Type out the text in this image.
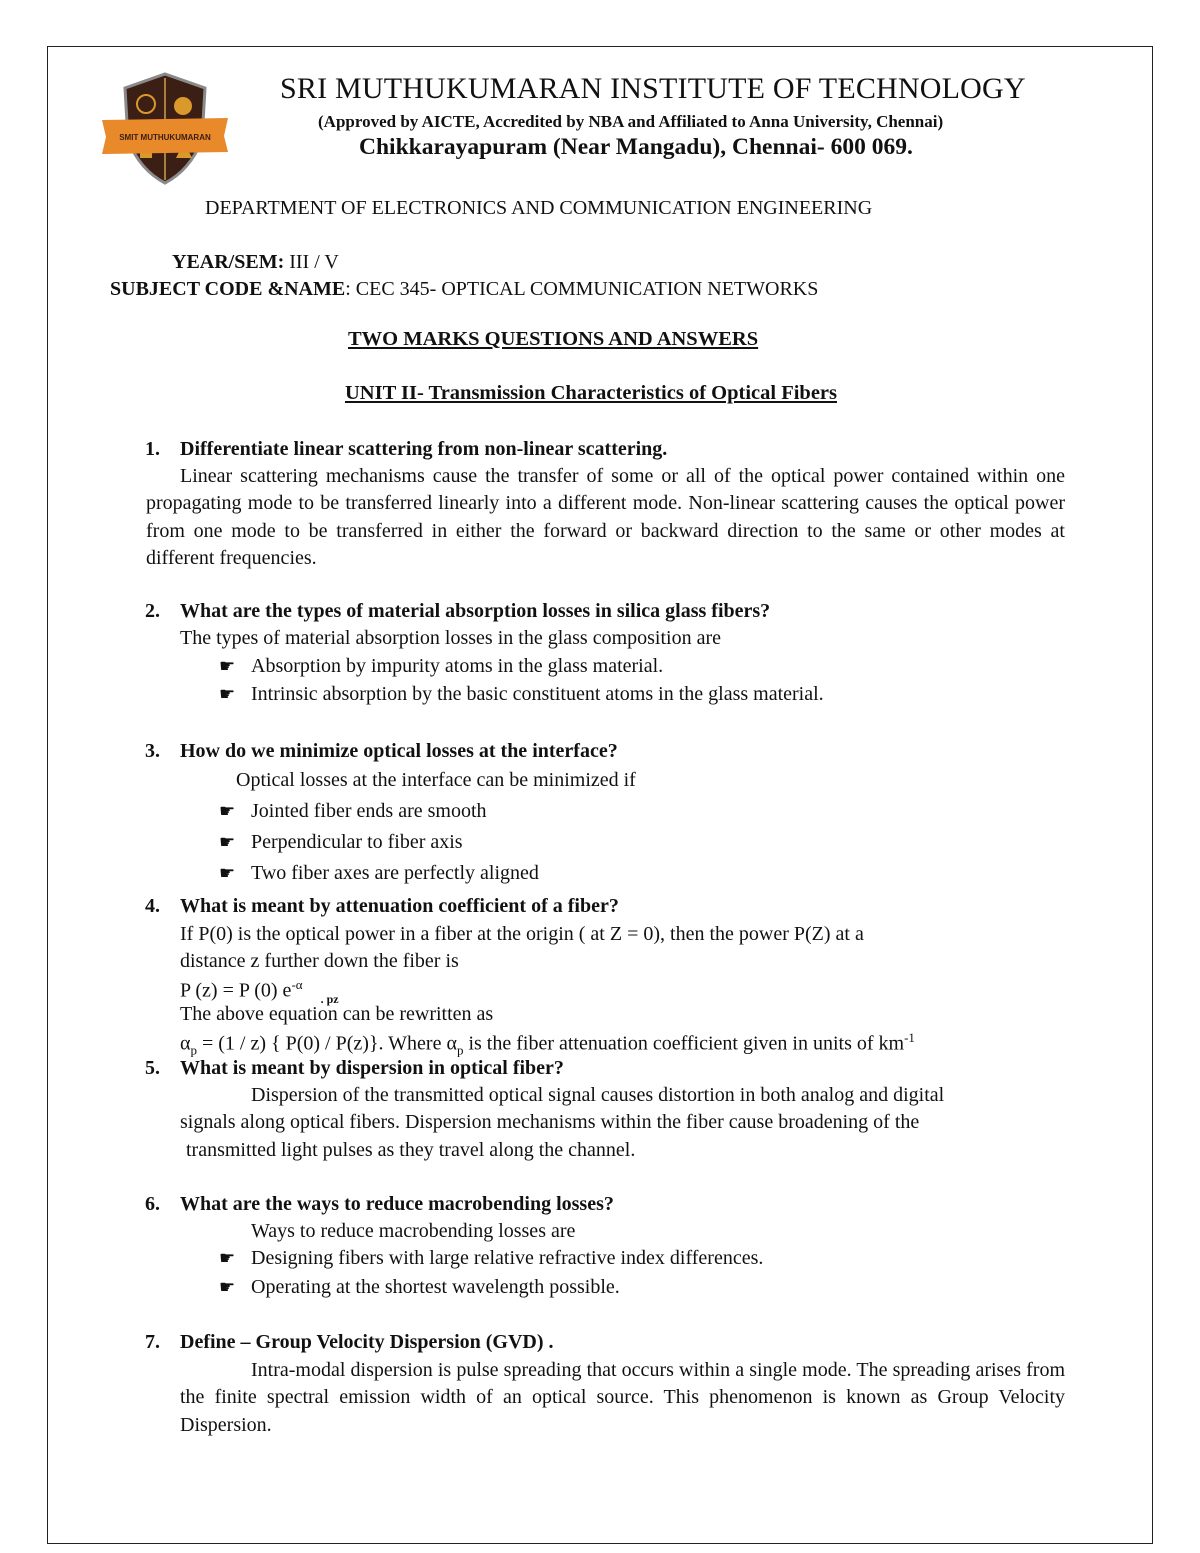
SMIT MUTHUKUMARAN
SRI MUTHUKUMARAN INSTITUTE OF TECHNOLOGY
(Approved by AICTE, Accredited by NBA and Affiliated to Anna University, Chennai)
Chikkarayapuram (Near Mangadu), Chennai- 600 069.
DEPARTMENT OF ELECTRONICS AND COMMUNICATION ENGINEERING
YEAR/SEM: III / V
SUBJECT CODE &NAME: CEC 345- OPTICAL COMMUNICATION NETWORKS
TWO MARKS QUESTIONS AND ANSWERS
UNIT II- Transmission Characteristics of Optical Fibers
1. Differentiate linear scattering from non-linear scattering.
Linear scattering mechanisms cause the transfer of some or all of the optical power contained within one propagating mode to be transferred linearly into a different mode. Non-linear scattering causes the optical power from one mode to be transferred in either the forward or backward direction to the same or other modes at different frequencies.
2. What are the types of material absorption losses in silica glass fibers?
The types of material absorption losses in the glass composition are
☛ Absorption by impurity atoms in the glass material.
☛ Intrinsic absorption by the basic constituent atoms in the glass material.
3. How do we minimize optical losses at the interface?
Optical losses at the interface can be minimized if
☛ Jointed fiber ends are smooth
☛ Perpendicular to fiber axis
☛ Two fiber axes are perfectly aligned
4. What is meant by attenuation coefficient of a fiber?
If P(0) is the optical power in a fiber at the origin ( at Z = 0), then the power P(Z) at a
distance z further down the fiber is
P (z) = P (0) $e^{-\alpha}_{. pz}$
The above equation can be rewritten as
$\alpha_p = (1 / z)$ { P(0) / P(z)}. Where $\alpha_p$ is the fiber attenuation coefficient given in units of $km^{-1}$
5. What is meant by dispersion in optical fiber?
Dispersion of the transmitted optical signal causes distortion in both analog and digital
signals along optical fibers. Dispersion mechanisms within the fiber cause broadening of the
transmitted light pulses as they travel along the channel.
6. What are the ways to reduce macrobending losses?
Ways to reduce macrobending losses are
☛ Designing fibers with large relative refractive index differences.
☛ Operating at the shortest wavelength possible.
7. Define – Group Velocity Dispersion (GVD) .
Intra-modal dispersion is pulse spreading that occurs within a single mode. The spreading arises from the finite spectral emission width of an optical source. This phenomenon is known as Group Velocity Dispersion.
